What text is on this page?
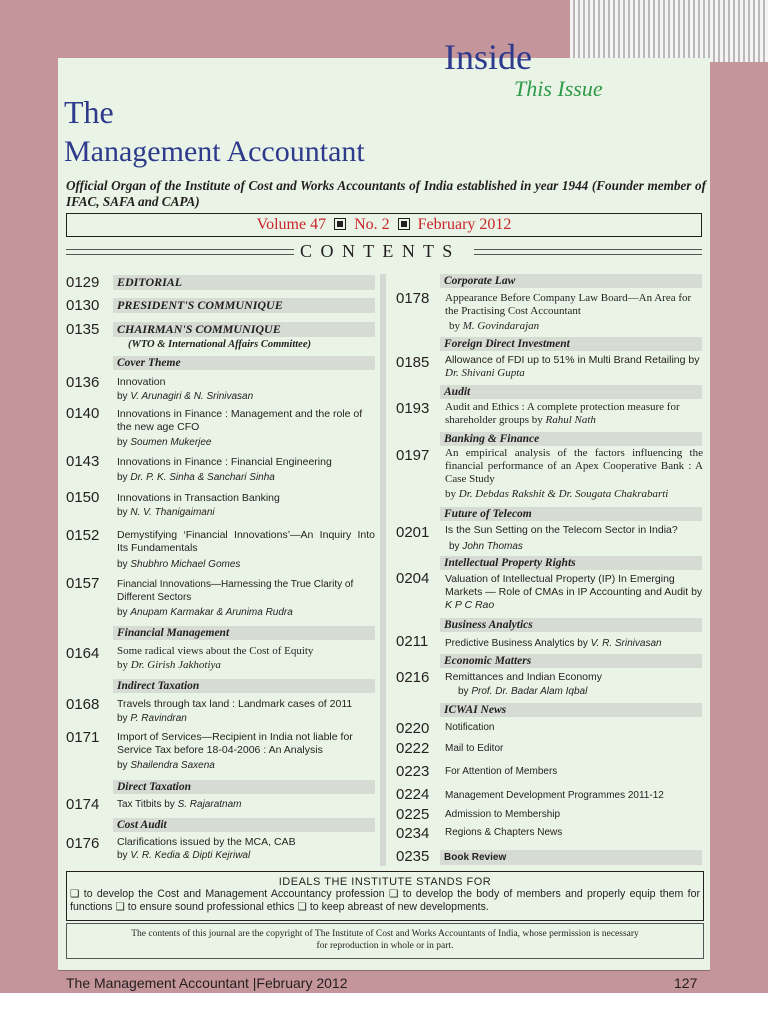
Inside
This Issue
The
Management Accountant
Official Organ of the Institute of Cost and Works Accountants of India established in year 1944 (Founder member of IFAC, SAFA and CAPA)
Volume 47 No. 2 February 2012
C O N T E N T S
0129	EDITORIAL
0130	PRESIDENT'S COMMUNIQUE
0135	CHAIRMAN'S COMMUNIQUE
(WTO & International Affairs Committee)
Cover Theme
0136 Innovation
by V. Arunagiri & N. Srinivasan
0140 Innovations in Finance : Management and the role of the new age CFO
by Soumen Mukerjee
0143 Innovations in Finance : Financial Engineering
by Dr. P. K. Sinha & Sanchari Sinha
0150 Innovations in Transaction Banking
by N. V. Thanigaimani
0152 Demystifying ‘Financial Innovations’—An Inquiry Into Its Fundamentals
by Shubhro Michael Gomes
0157 Financial Innovations—Harnessing the True Clarity of Different Sectors
by Anupam Karmakar & Arunima Rudra
Financial Management
0164 Some radical views about the Cost of Equity
by Dr. Girish Jakhotiya
Indirect Taxation
0168 Travels through tax land : Landmark cases of 2011
by P. Ravindran
0171 Import of Services—Recipient in India not liable for Service Tax before 18-04-2006 : An Analysis
by Shailendra Saxena
Direct Taxation
0174 Tax Titbits by S. Rajaratnam
Cost Audit
0176 Clarifications issued by the MCA, CAB
by V. R. Kedia & Dipti Kejriwal
Corporate Law
0178 Appearance Before Company Law Board—An Area for the Practising Cost Accountant
by M. Govindarajan
Foreign Direct Investment
0185 Allowance of FDI up to 51% in Multi Brand Retailing by Dr. Shivani Gupta
Audit
0193 Audit and Ethics : A complete protection measure for shareholder groups by Rahul Nath
Banking & Finance
0197 An empirical analysis of the factors influencing the financial performance of an Apex Cooperative Bank : A Case Study
by Dr. Debdas Rakshit & Dr. Sougata Chakrabarti
Future of Telecom
0201 Is the Sun Setting on the Telecom Sector in India?
by John Thomas
Intellectual Property Rights
0204 Valuation of Intellectual Property (IP) In Emerging Markets — Role of CMAs in IP Accounting and Audit by K P C Rao
Business Analytics
0211 Predictive Business Analytics by V. R. Srinivasan
Economic Matters
0216 Remittances and Indian Economy
by Prof. Dr. Badar Alam Iqbal
ICWAI News
0220 Notification
0222 Mail to Editor
0223 For Attention of Members
0224 Management Development Programmes 2011-12
0225 Admission to Membership
0234 Regions & Chapters News
0235	Book Review
IDEALS THE INSTITUTE STANDS FOR
❏ to develop the Cost and Management Accountancy profession ❏ to develop the body of members and properly equip them for functions ❏ to ensure sound professional ethics ❏ to keep abreast of new developments.
The contents of this journal are the copyright of The Institute of Cost and Works Accountants of India, whose permission is necessary for reproduction in whole or in part.
The Management Accountant |February 2012	127
